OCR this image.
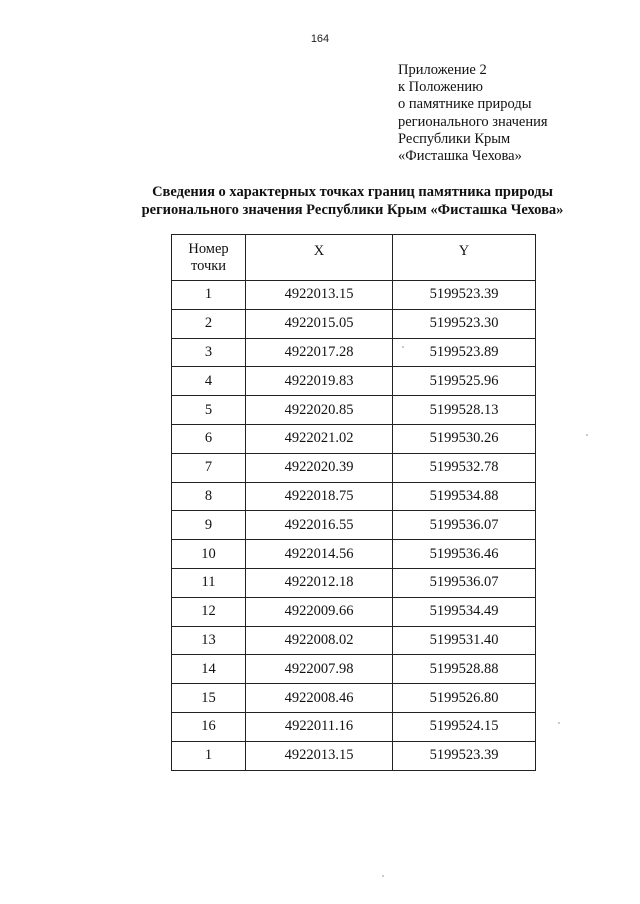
164
Приложение 2
к Положению
о памятнике природы
регионального значения
Республики Крым
«Фисташка Чехова»
Сведения о характерных точках границ памятника природы
регионального значения Республики Крым «Фисташка Чехова»
Номер
точки	X	Y
1	4922013.15	5199523.39
2	4922015.05	5199523.30
3	4922017.28	5199523.89
4	4922019.83	5199525.96
5	4922020.85	5199528.13
6	4922021.02	5199530.26
7	4922020.39	5199532.78
8	4922018.75	5199534.88
9	4922016.55	5199536.07
10	4922014.56	5199536.46
11	4922012.18	5199536.07
12	4922009.66	5199534.49
13	4922008.02	5199531.40
14	4922007.98	5199528.88
15	4922008.46	5199526.80
16	4922011.16	5199524.15
1	4922013.15	5199523.39
